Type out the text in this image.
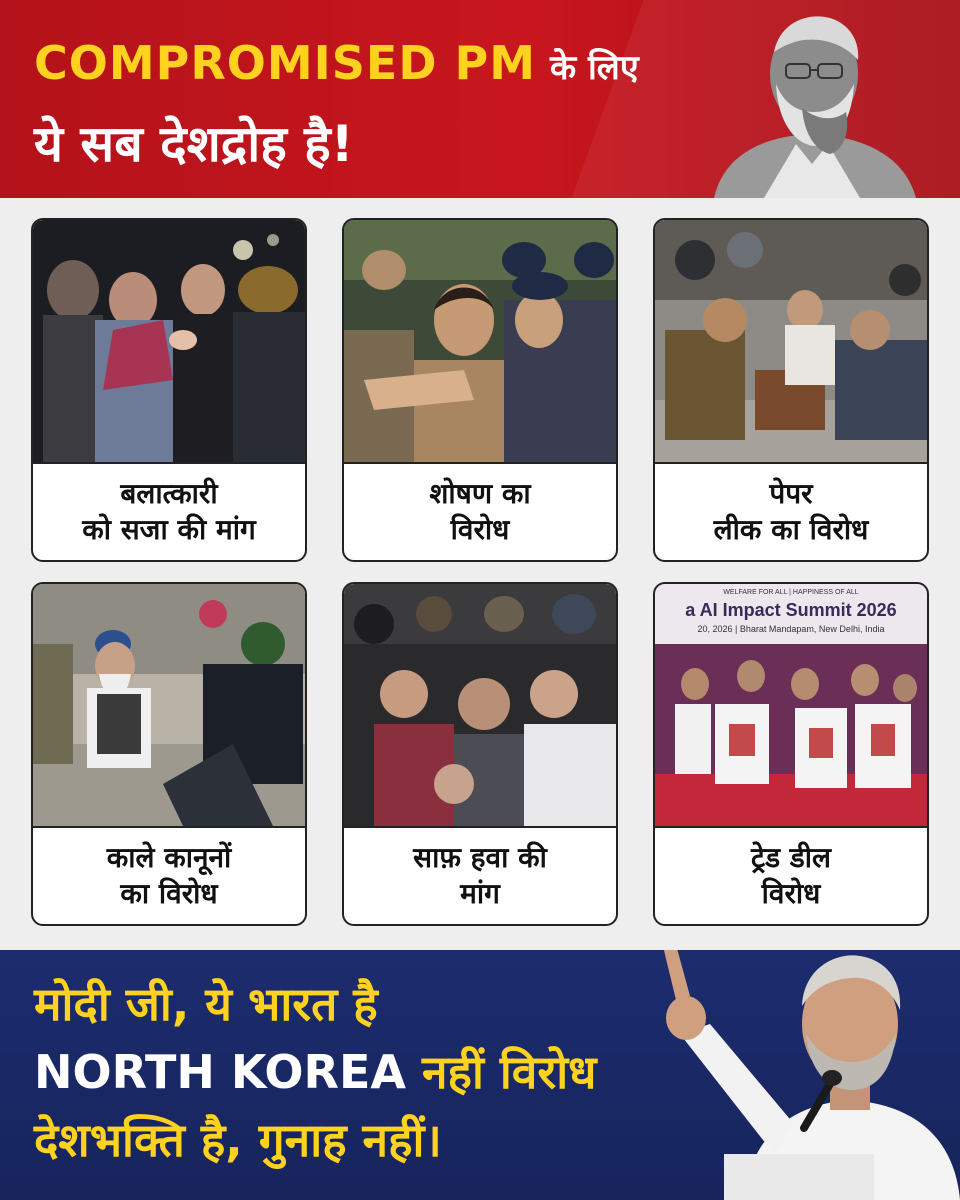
COMPROMISED PM के लिए
ये सब देशद्रोह है!
बलात्कारी
को सजा की मांग
शोषण का
विरोध
पेपर
लीक का विरोध
काले कानूनों
का विरोध
साफ़ हवा की
मांग
WELFARE FOR ALL | HAPPINESS OF ALL
a AI Impact Summit 2026
20, 2026 | Bharat Mandapam, New Delhi, India
ट्रेड डील
विरोध
मोदी जी, ये भारत है
NORTH KOREA नहीं विरोध
देशभक्ति है, गुनाह नहीं।
